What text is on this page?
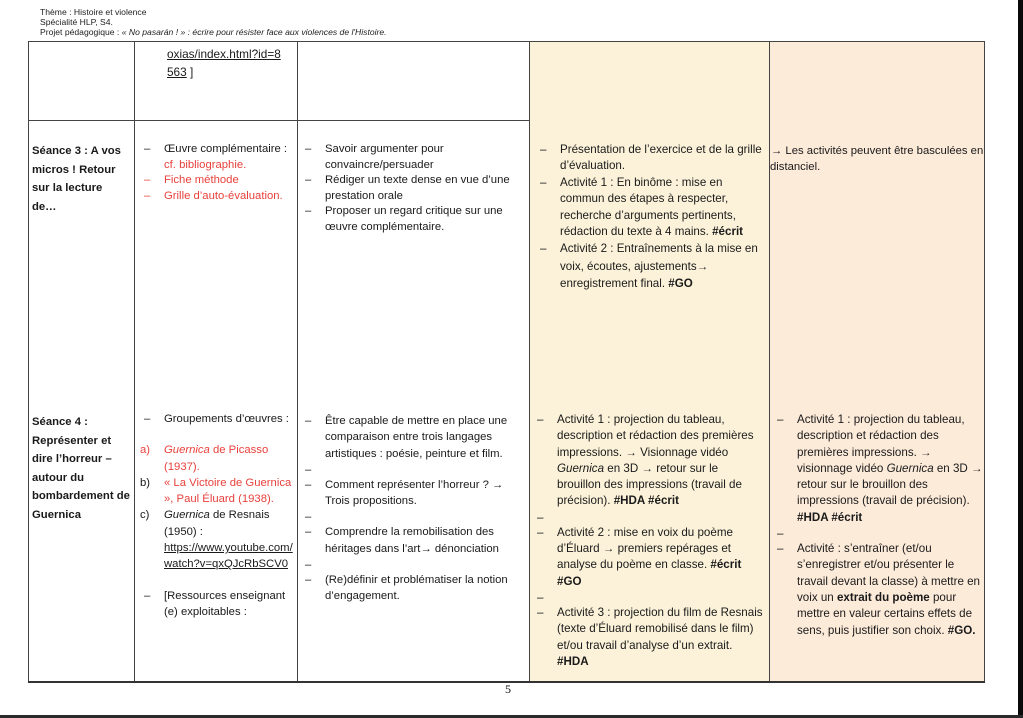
Thème : Histoire et violence
Spécialité HLP, S4.
Projet pédagogique : « No pasarán ! » : écrire pour résister face aux violences de l'Histoire.
oxias/index.html?id=8
563 ]
Séance 3 : A vos micros ! Retour sur la lecture de…
– Œuvre complémentaire : cf. bibliographie.
– Fiche méthode
– Grille d’auto-évaluation.
– Savoir argumenter pour convaincre/persuader
– Rédiger un texte dense en vue d’une prestation orale
– Proposer un regard critique sur une œuvre complémentaire.
– Présentation de l’exercice et de la grille d’évaluation.
– Activité 1 : En binôme : mise en commun des étapes à respecter, recherche d’arguments pertinents, rédaction du texte à 4 mains. #écrit
– Activité 2 : Entraînements à la mise en voix, écoutes, ajustements→ enregistrement final. #GO
→ Les activités peuvent être basculées en distanciel.
Séance 4 : Représenter et dire l’horreur – autour du bombardement de Guernica
– Groupements d’œuvres :
a) Guernica de Picasso (1937).
b) « La Victoire de Guernica », Paul Éluard (1938).
c) Guernica de Resnais (1950) :
https://www.youtube.com/watch?v=qxQJcRbSCV0
– [Ressources enseignant(e) exploitables :
– Être capable de mettre en place une comparaison entre trois langages artistiques : poésie, peinture et film.
–
– Comment représenter l’horreur ? → Trois propositions.
–
– Comprendre la remobilisation des héritages dans l’art→ dénonciation
–
– (Re)définir et problématiser la notion d’engagement.
– Activité 1 : projection du tableau, description et rédaction des premières impressions. → Visionnage vidéo Guernica en 3D → retour sur le brouillon des impressions (travail de précision). #HDA #écrit
–
– Activité 2 : mise en voix du poème d’Éluard → premiers repérages et analyse du poème en classe. #écrit #GO
–
– Activité 3 : projection du film de Resnais (texte d’Éluard remobilisé dans le film) et/ou travail d’analyse d’un extrait. #HDA
– Activité 1 : projection du tableau, description et rédaction des premières impressions. → visionnage vidéo Guernica en 3D → retour sur le brouillon des impressions (travail de précision). #HDA #écrit
–
– Activité : s’entraîner (et/ou s’enregistrer et/ou présenter le travail devant la classe) à mettre en voix un extrait du poème pour mettre en valeur certains effets de sens, puis justifier son choix. #GO.
5
